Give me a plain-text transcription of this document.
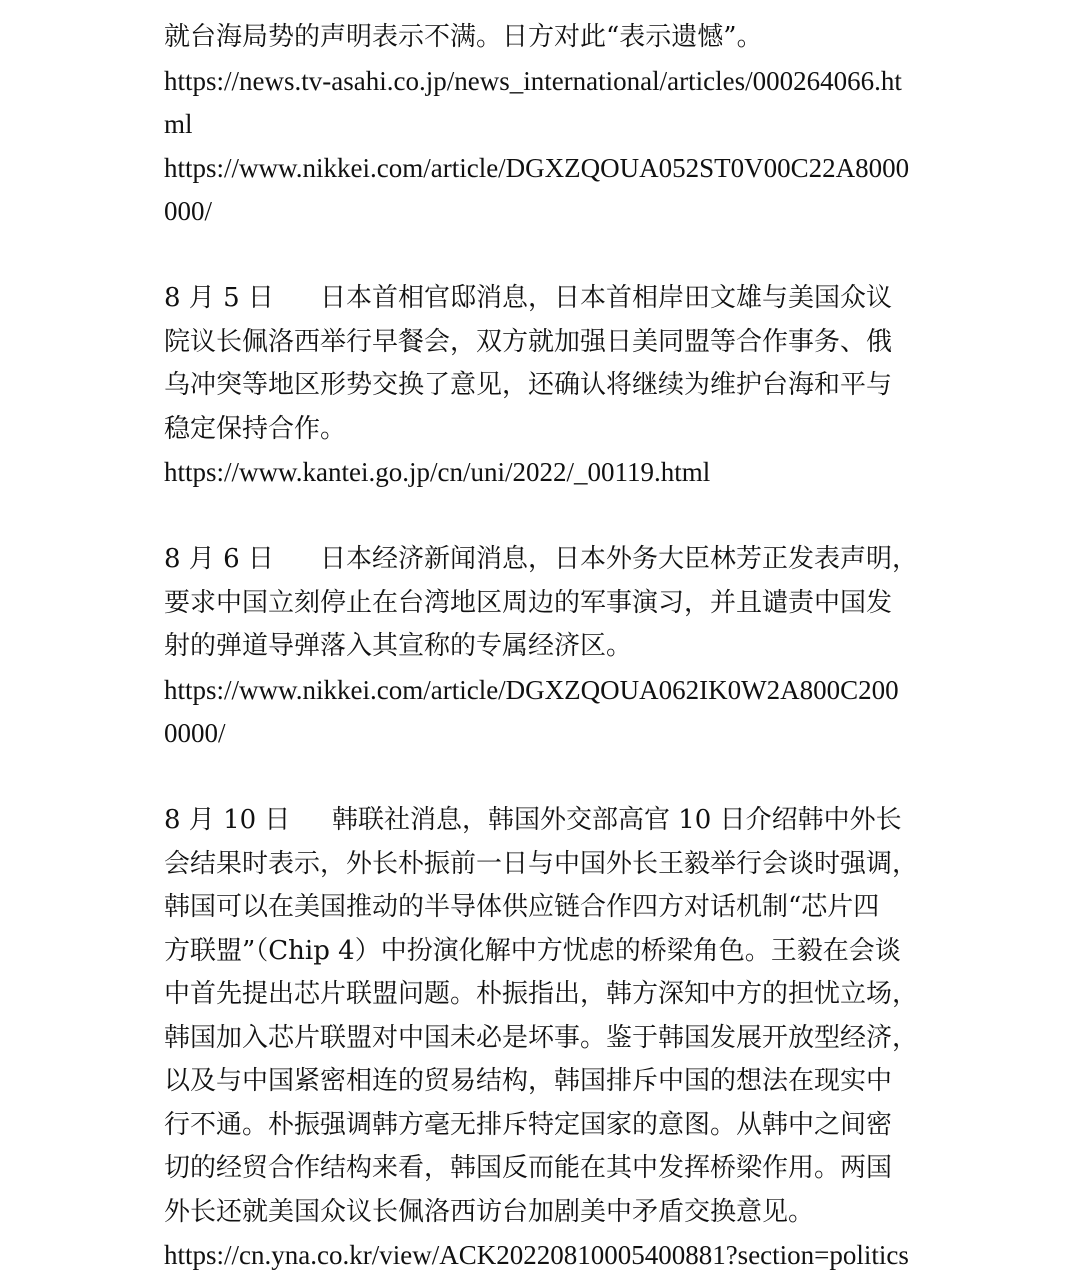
就台海局势的声明表示不满。日方对此“表示遗憾”。
https://news.tv-asahi.co.jp/news_international/articles/000264066.ht
ml
https://www.nikkei.com/article/DGXZQOUA052ST0V00C22A8000
000/
8 月 5 日 日本首相官邸消息，日本首相岸田文雄与美国众议
院议长佩洛西举行早餐会，双方就加强日美同盟等合作事务、俄
乌冲突等地区形势交换了意见，还确认将继续为维护台海和平与
稳定保持合作。
https://www.kantei.go.jp/cn/uni/2022/_00119.html
8 月 6 日 日本经济新闻消息，日本外务大臣林芳正发表声明，
要求中国立刻停止在台湾地区周边的军事演习，并且谴责中国发
射的弹道导弹落入其宣称的专属经济区。
https://www.nikkei.com/article/DGXZQOUA062IK0W2A800C200
0000/
8 月 10 日 韩联社消息，韩国外交部高官 10 日介绍韩中外长
会结果时表示，外长朴振前一日与中国外长王毅举行会谈时强调，
韩国可以在美国推动的半导体供应链合作四方对话机制“芯片四
方联盟”（Chip 4）中扮演化解中方忧虑的桥梁角色。王毅在会谈
中首先提出芯片联盟问题。朴振指出，韩方深知中方的担忧立场，
韩国加入芯片联盟对中国未必是坏事。鉴于韩国发展开放型经济，
以及与中国紧密相连的贸易结构，韩国排斥中国的想法在现实中
行不通。朴振强调韩方毫无排斥特定国家的意图。从韩中之间密
切的经贸合作结构来看，韩国反而能在其中发挥桥梁作用。两国
外长还就美国众议长佩洛西访台加剧美中矛盾交换意见。
https://cn.yna.co.kr/view/ACK20220810005400881?section=politics
